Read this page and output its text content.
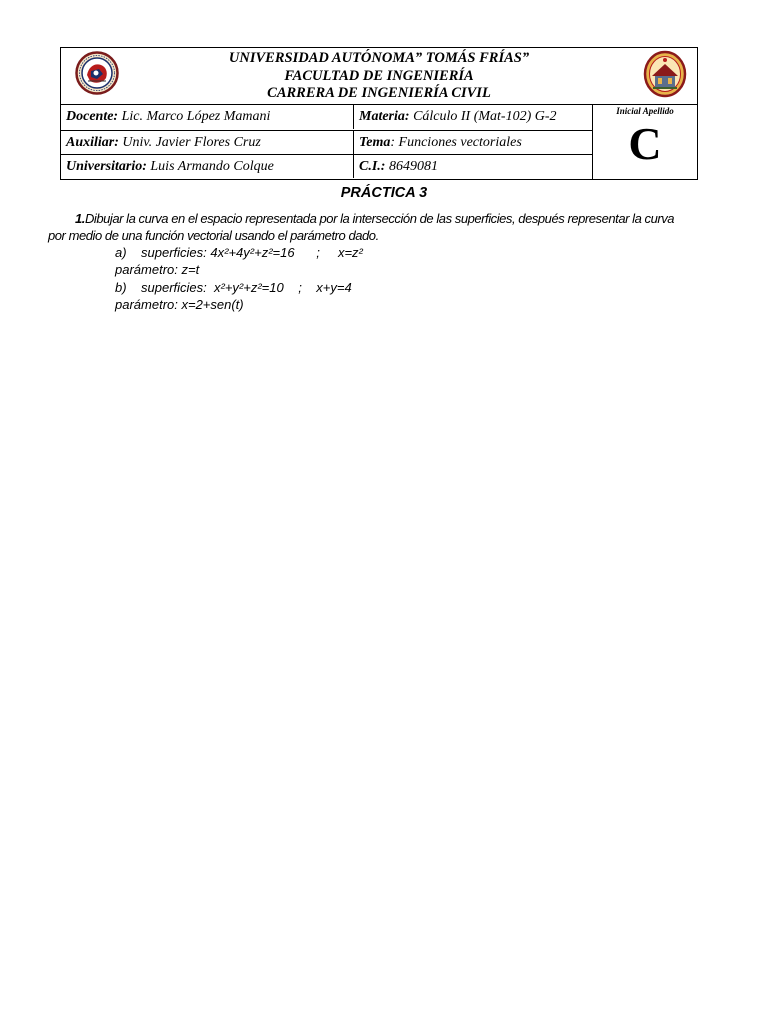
UNIVERSIDAD AUTÓNOMA” TOMÁS FRÍAS”
FACULTAD DE INGENIERÍA
CARRERA DE INGENIERÍA CIVIL
Docente: Lic. Marco López Mamani	Materia: Cálculo II (Mat-102) G-2
Auxiliar: Univ. Javier Flores Cruz	Tema: Funciones vectoriales
Universitario: Luis Armando Colque	C.I.: 8649081
Inicial Apellido
C
PRÁCTICA 3
1.Dibujar la curva en el espacio representada por la intersección de las superficies, después representar la curva
por medio de una función vectorial usando el parámetro dado.
a) superficies: 4x²+4y²+z²=16 ; x=z²
parámetro: z=t
b) superficies: x²+y²+z²=10 ; x+y=4
parámetro: x=2+sen(t)
